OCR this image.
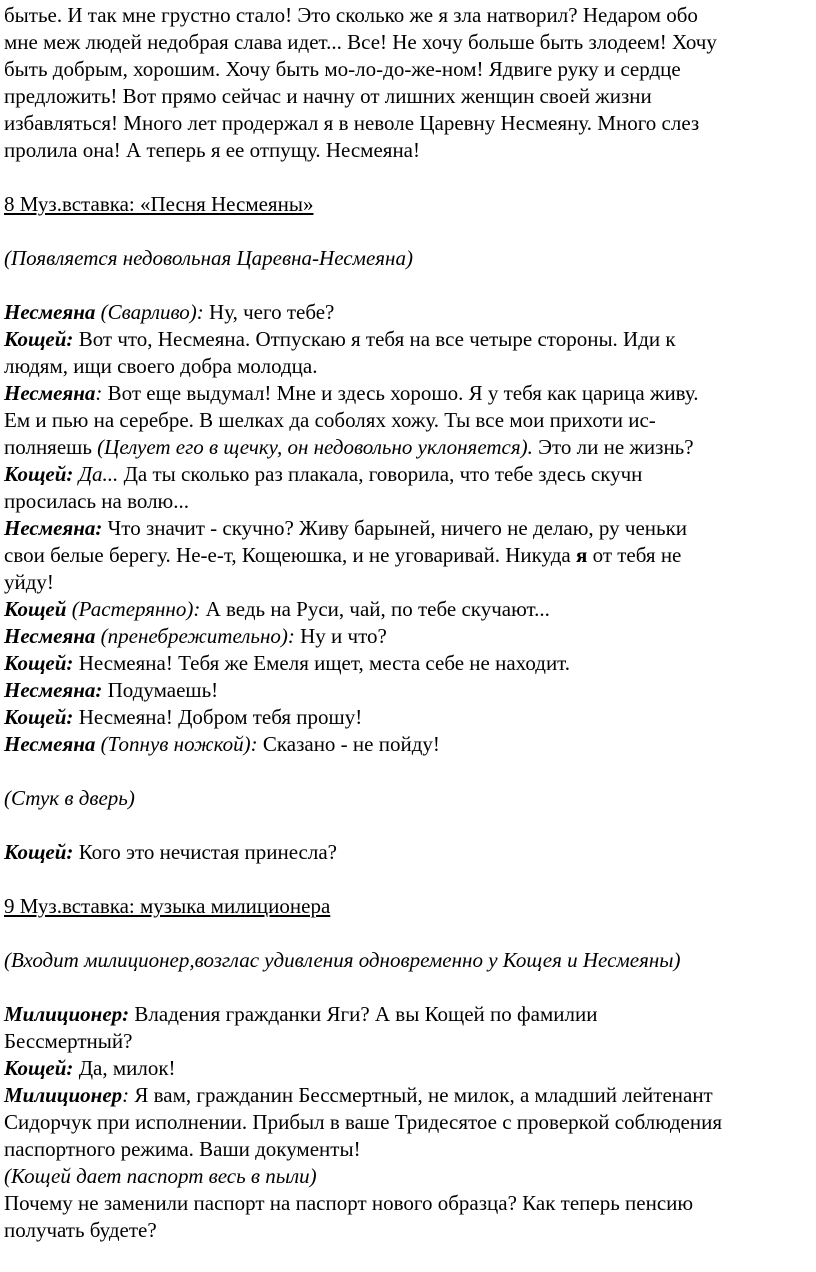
бытье. И так мне грустно стало! Это сколько же я зла натворил? Недаром обо
мне меж людей недобрая слава идет... Все! Не хочу больше быть злодеем! Хочу
быть добрым, хорошим. Хочу быть мо-ло-до-же-ном! Ядвиге руку и сердце
предложить! Вот прямо сейчас и начну от лишних женщин своей жизни
избавляться! Много лет продержал я в неволе Царевну Несмеяну. Много слез
пролила она! А теперь я ее отпущу. Несмеяна!
8 Муз.вставка: «Песня Несмеяны»
(Появляется недовольная Царевна-Несмеяна)
Несмеяна (Сварливо): Ну, чего тебе?
Кощей: Вот что, Несмеяна. Отпускаю я тебя на все четыре стороны. Иди к
людям, ищи своего добра молодца.
Несмеяна: Вот еще выдумал! Мне и здесь хорошо. Я у тебя как царица живу.
Ем и пью на серебре. В шелках да соболях хожу. Ты все мои прихоти ис-
полняешь (Целует его в щечку, он недовольно уклоняется). Это ли не жизнь?
Кощей: Да... Да ты сколько раз плакала, говорила, что тебе здесь скучн
просилась на волю...
Несмеяна: Что значит - скучно? Живу барыней, ничего не делаю, ру ченьки
свои белые берегу. Не-е-т, Кощеюшка, и не уговаривай. Никуда я от тебя не
уйду!
Кощей (Растерянно): А ведь на Руси, чай, по тебе скучают...
Несмеяна (пренебрежительно): Ну и что?
Кощей: Несмеяна! Тебя же Емеля ищет, места себе не находит.
Несмеяна: Подумаешь!
Кощей: Несмеяна! Добром тебя прошу!
Несмеяна (Топнув ножкой): Сказано - не пойду!
(Стук в дверь)
Кощей: Кого это нечистая принесла?
9 Муз.вставка: музыка милиционера
(Входит милиционер,возглас удивления одновременно у Кощея и Несмеяны)
Милиционер: Владения гражданки Яги? А вы Кощей по фамилии
Бессмертный?
Кощей: Да, милок!
Милиционер: Я вам, гражданин Бессмертный, не милок, а младший лейтенант
Сидорчук при исполнении. Прибыл в ваше Тридесятое с проверкой соблюдения
паспортного режима. Ваши документы!
(Кощей дает паспорт весь в пыли)
Почему не заменили паспорт на паспорт нового образца? Как теперь пенсию
получать будете?
